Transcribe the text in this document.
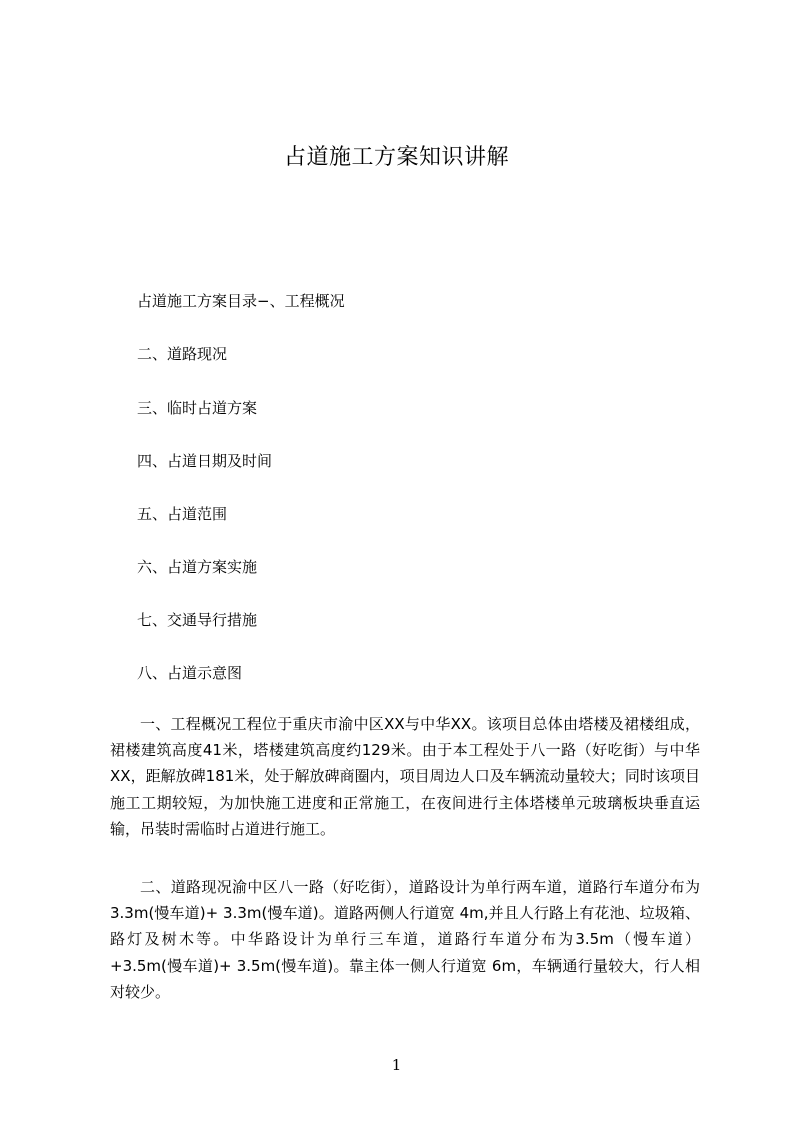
占道施工方案知识讲解
占道施工方案目录−、工程概况
二、道路现况
三、临时占道方案
四、占道日期及时间
五、占道范围
六、占道方案实施
七、交通导行措施
八、占道示意图

一、工程概况工程位于重庆市渝中区XX与中华XX。该项目总体由塔楼及裙楼组成，裙楼建筑高度41米，塔楼建筑高度约129米。由于本工程处于八一路（好吃街）与中华XX，距解放碑181米，处于解放碑商圈内，项目周边人口及车辆流动量较大；同时该项目施工工期较短，为加快施工进度和正常施工，在夜间进行主体塔楼单元玻璃板块垂直运输，吊装时需临时占道进行施工。

二、道路现况渝中区八一路（好吃街），道路设计为单行两车道，道路行车道分布为3.3m(慢车道)+ 3.3m(慢车道)。道路两侧人行道宽 4m,并且人行路上有花池、垃圾箱、路灯及树木等。中华路设计为单行三车道，道路行车道分布为3.5m（慢车道）+3.5m(慢车道)+ 3.5m(慢车道)。靠主体一侧人行道宽 6m，车辆通行量较大，行人相对较少。

1
